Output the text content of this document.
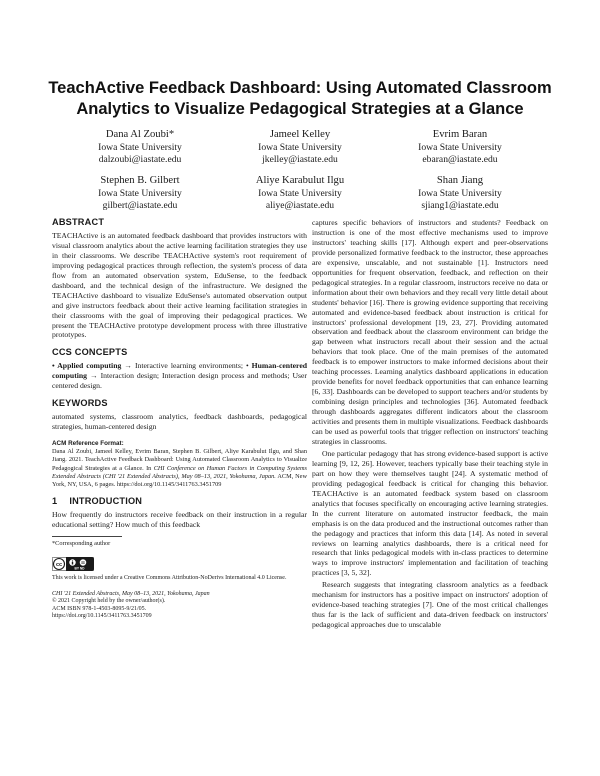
TeachActive Feedback Dashboard: Using Automated Classroom Analytics to Visualize Pedagogical Strategies at a Glance
Dana Al Zoubi*
Iowa State University
dalzoubi@iastate.edu
Jameel Kelley
Iowa State University
jkelley@iastate.edu
Evrim Baran
Iowa State University
ebaran@iastate.edu
Stephen B. Gilbert
Iowa State University
gilbert@iastate.edu
Aliye Karabulut Ilgu
Iowa State University
aliye@iastate.edu
Shan Jiang
Iowa State University
sjiang1@iastate.edu
ABSTRACT

TEACHActive is an automated feedback dashboard that provides instructors with visual classroom analytics about the active learning facilitation strategies they use in their classrooms. We describe TEACHActive system's root requirement of improving pedagogical practices through reflection, the system's process of data flow from an automated observation system, EduSense, to the feedback dashboard, and the technical design of the infrastructure. We designed the TEACHActive dashboard to visualize EduSense's automated observation output and give instructors feedback about their active learning facilitation strategies in their classrooms with the goal of improving their pedagogical practices. We present the TEACHActive prototype development process with three illustrative prototypes.

CCS CONCEPTS

• Applied computing → Interactive learning environments; • Human-centered computing → Interaction design; Interaction design process and methods; User centered design.

KEYWORDS

automated systems, classroom analytics, feedback dashboards, pedagogical strategies, human-centered design

ACM Reference Format:

Dana Al Zoubi, Jameel Kelley, Evrim Baran, Stephen B. Gilbert, Aliye Karabulut Ilgu, and Shan Jiang. 2021. TeachActive Feedback Dashboard: Using Automated Classroom Analytics to Visualize Pedagogical Strategies at a Glance. In CHI Conference on Human Factors in Computing Systems Extended Abstracts (CHI '21 Extended Abstracts), May 08–13, 2021, Yokohama, Japan. ACM, New York, NY, USA, 6 pages. https://doi.org/10.1145/3411763.3451709

1 INTRODUCTION

How frequently do instructors receive feedback on their instruction in a regular educational setting? How much of this feedback

*Corresponding author
cc
BY ND
This work is licensed under a Creative Commons Attribution-NoDerivs International 4.0 License.
CHI '21 Extended Abstracts, May 08–13, 2021, Yokohama, Japan
© 2021 Copyright held by the owner/author(s).
ACM ISBN 978-1-4503-8095-9/21/05.
https://doi.org/10.1145/3411763.3451709

captures specific behaviors of instructors and students? Feedback on instruction is one of the most effective mechanisms used to improve instructors' teaching skills [17]. Although expert and peer-observations provide personalized formative feedback to the instructor, these approaches are expensive, unscalable, and not sustainable [1]. Instructors need opportunities for frequent observation, feedback, and reflection on their pedagogical strategies. In a regular classroom, instructors receive no data or information about their own behaviors and they recall very little detail about students' behavior [16]. There is growing evidence supporting that receiving automated and evidence-based feedback about instruction is critical for instructors' professional development [19, 23, 27]. Providing automated observation and feedback about the classroom environment can bridge the gap between what instructors recall about their session and the actual behaviors that took place. One of the main premises of the automated feedback is to empower instructors to make informed decisions about their teaching processes. Learning analytics dashboard applications in education provide benefits for novel feedback opportunities that can enhance learning [6, 33]. Dashboards can be developed to support teachers and/or students by combining design principles and technologies [36]. Automated feedback through dashboards aggregates different indicators about the classroom activities and presents them in multiple visualizations. Feedback dashboards can be used as powerful tools that trigger reflection on instructors' teaching strategies in classrooms.

One particular pedagogy that has strong evidence-based support is active learning [9, 12, 26]. However, teachers typically base their teaching style in part on how they were themselves taught [24]. A systematic method of providing pedagogical feedback is critical for changing this behavior. TEACHActive is an automated feedback system based on classroom analytics that focuses specifically on encouraging active learning strategies. In the current literature on automated instructor feedback, the main emphasis is on the data produced and the instructional outcomes rather than the pedagogy and practices that inform this data [14]. As noted in several reviews on learning analytics dashboards, there is a critical need for research that links pedagogical models with in-class practices to determine ways to improve instructors' implementation and facilitation of teaching practices [3, 5, 32].

Research suggests that integrating classroom analytics as a feedback mechanism for instructors has a positive impact on instructors' adoption of evidence-based teaching strategies [7]. One of the most critical challenges thus far is the lack of sufficient and data-driven feedback on instructors' pedagogical approaches due to unscalable
